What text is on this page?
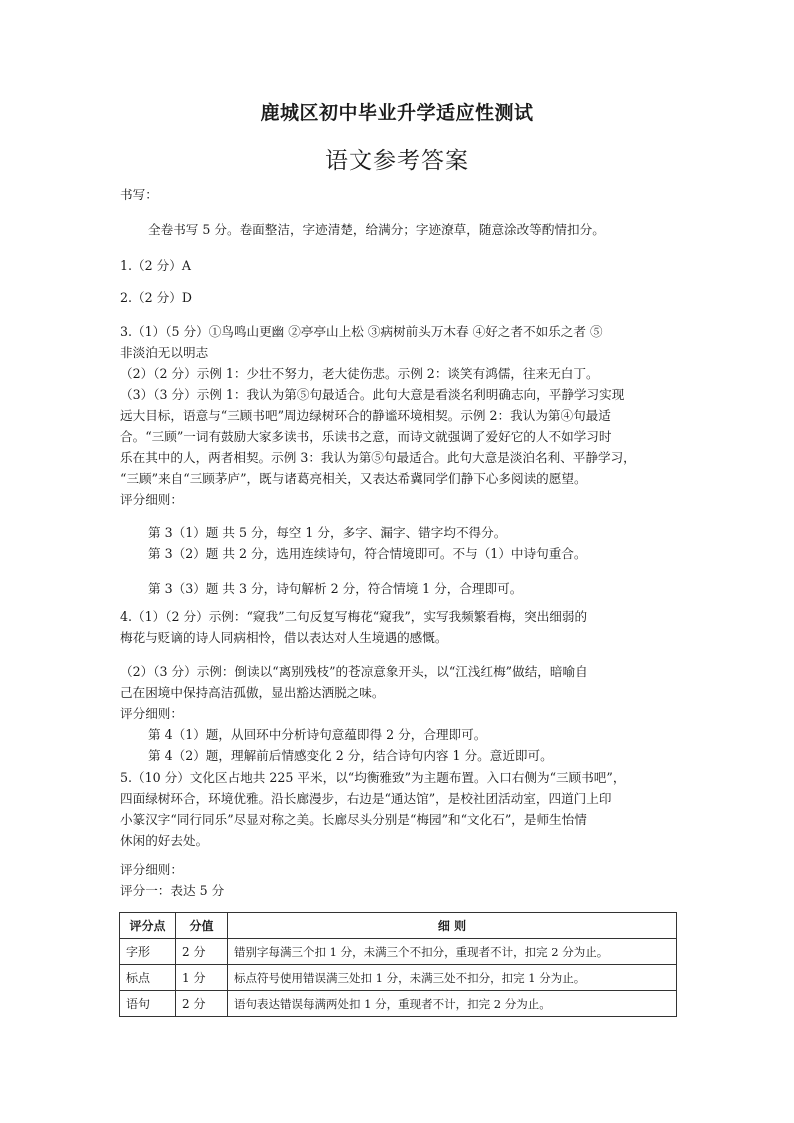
鹿城区初中毕业升学适应性测试
语文参考答案
书写：
全卷书写 5 分。卷面整洁，字迹清楚，给满分；字迹潦草，随意涂改等酌情扣分。
1.（2 分）A
2.（2 分）D
3.（1）（5 分）①鸟鸣山更幽 ②亭亭山上松 ③病树前头万木春 ④好之者不如乐之者 ⑤
非淡泊无以明志
（2）（2 分）示例 1：少壮不努力，老大徒伤悲。示例 2：谈笑有鸿儒，往来无白丁。
（3）（3 分）示例 1：我认为第⑤句最适合。此句大意是看淡名利明确志向，平静学习实现
远大目标，语意与“三顾书吧”周边绿树环合的静谧环境相契。示例 2：我认为第④句最适
合。“三顾”一词有鼓励大家多读书，乐读书之意，而诗文就强调了爱好它的人不如学习时
乐在其中的人，两者相契。示例 3：我认为第⑤句最适合。此句大意是淡泊名利、平静学习，
“三顾”来自“三顾茅庐”，既与诸葛亮相关，又表达希冀同学们静下心多阅读的愿望。
评分细则：
第 3（1）题 共 5 分，每空 1 分，多字、漏字、错字均不得分。
第 3（2）题 共 2 分，选用连续诗句，符合情境即可。不与（1）中诗句重合。
第 3（3）题 共 3 分，诗句解析 2 分，符合情境 1 分，合理即可。
4.（1）（2 分）示例：“窥我”二句反复写梅花“窥我”，实写我频繁看梅，突出细弱的
梅花与贬谪的诗人同病相怜，借以表达对人生境遇的感慨。
（2）（3 分）示例：倒读以“离别残枝”的苍凉意象开头，以“江浅红梅”做结，暗喻自
己在困境中保持高洁孤傲，显出豁达洒脱之味。
评分细则：
第 4（1）题，从回环中分析诗句意蕴即得 2 分，合理即可。
第 4（2）题，理解前后情感变化 2 分，结合诗句内容 1 分。意近即可。
5.（10 分）文化区占地共 225 平米，以“均衡雅致”为主题布置。入口右侧为“三顾书吧”，
四面绿树环合，环境优雅。沿长廊漫步，右边是“通达馆”，是校社团活动室，四道门上印
小篆汉字“同行同乐”尽显对称之美。长廊尽头分别是“梅园”和“文化石”，是师生怡情
休闲的好去处。
评分细则：
评分一：表达 5 分
评分点	分值	细 则
字形	2 分	错别字每满三个扣 1 分，未满三个不扣分，重现者不计，扣完 2 分为止。
标点	1 分	标点符号使用错误满三处扣 1 分，未满三处不扣分，扣完 1 分为止。
语句	2 分	语句表达错误每满两处扣 1 分，重现者不计，扣完 2 分为止。
